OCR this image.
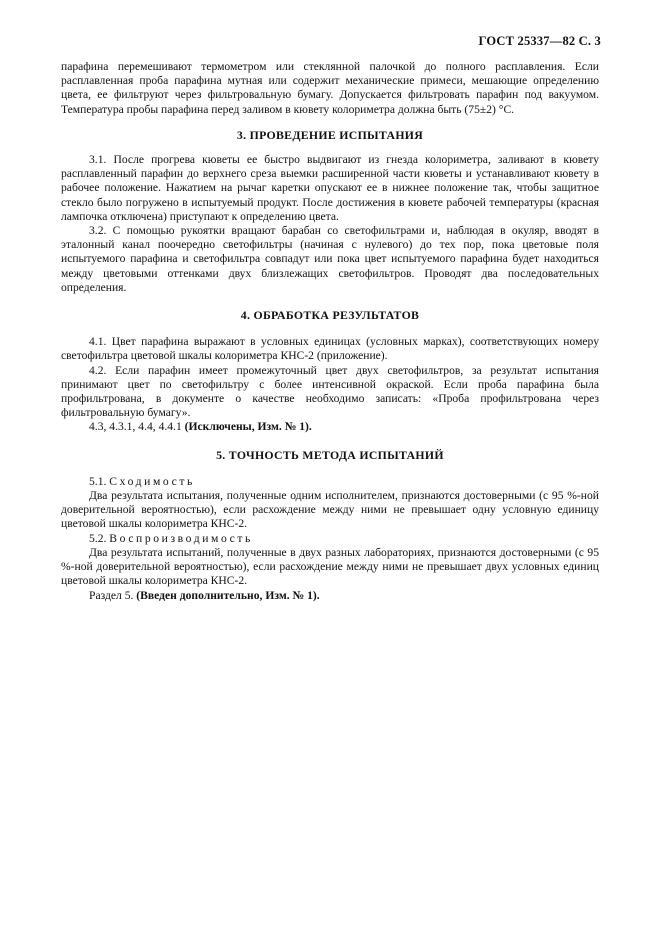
ГОСТ 25337—82 С. 3

парафина перемешивают термометром или стеклянной палочкой до полного расплавления. Если расплавленная проба парафина мутная или содержит механические примеси, мешающие определению цвета, ее фильтруют через фильтровальную бумагу. Допускается фильтровать парафин под вакуумом. Температура пробы парафина перед заливом в кювету колориметра должна быть (75±2) °С.

3. ПРОВЕДЕНИЕ ИСПЫТАНИЯ

3.1. После прогрева кюветы ее быстро выдвигают из гнезда колориметра, заливают в кювету расплавленный парафин до верхнего среза выемки расширенной части кюветы и устанавливают кювету в рабочее положение. Нажатием на рычаг каретки опускают ее в нижнее положение так, чтобы защитное стекло было погружено в испытуемый продукт. После достижения в кювете рабочей температуры (красная лампочка отключена) приступают к определению цвета.

3.2. С помощью рукоятки вращают барабан со светофильтрами и, наблюдая в окуляр, вводят в эталонный канал поочередно светофильтры (начиная с нулевого) до тех пор, пока цветовые поля испытуемого парафина и светофильтра совпадут или пока цвет испытуемого парафина будет находиться между цветовыми оттенками двух близлежащих светофильтров. Проводят два последовательных определения.

4. ОБРАБОТКА РЕЗУЛЬТАТОВ

4.1. Цвет парафина выражают в условных единицах (условных марках), соответствующих номеру светофильтра цветовой шкалы колориметра КНС-2 (приложение).

4.2. Если парафин имеет промежуточный цвет двух светофильтров, за результат испытания принимают цвет по светофильтру с более интенсивной окраской. Если проба парафина была профильтрована, в документе о качестве необходимо записать: «Проба профильтрована через фильтровальную бумагу».

4.3, 4.3.1, 4.4, 4.4.1 (Исключены, Изм. № 1).

5. ТОЧНОСТЬ МЕТОДА ИСПЫТАНИЙ

5.1. Сходимость

Два результата испытания, полученные одним исполнителем, признаются достоверными (с 95 %-ной доверительной вероятностью), если расхождение между ними не превышает одну условную единицу цветовой шкалы колориметра КНС-2.

5.2. Воспроизводимость

Два результата испытаний, полученные в двух разных лабораториях, признаются достоверными (с 95 %-ной доверительной вероятностью), если расхождение между ними не превышает двух условных единиц цветовой шкалы колориметра КНС-2.

Раздел 5. (Введен дополнительно, Изм. № 1).
